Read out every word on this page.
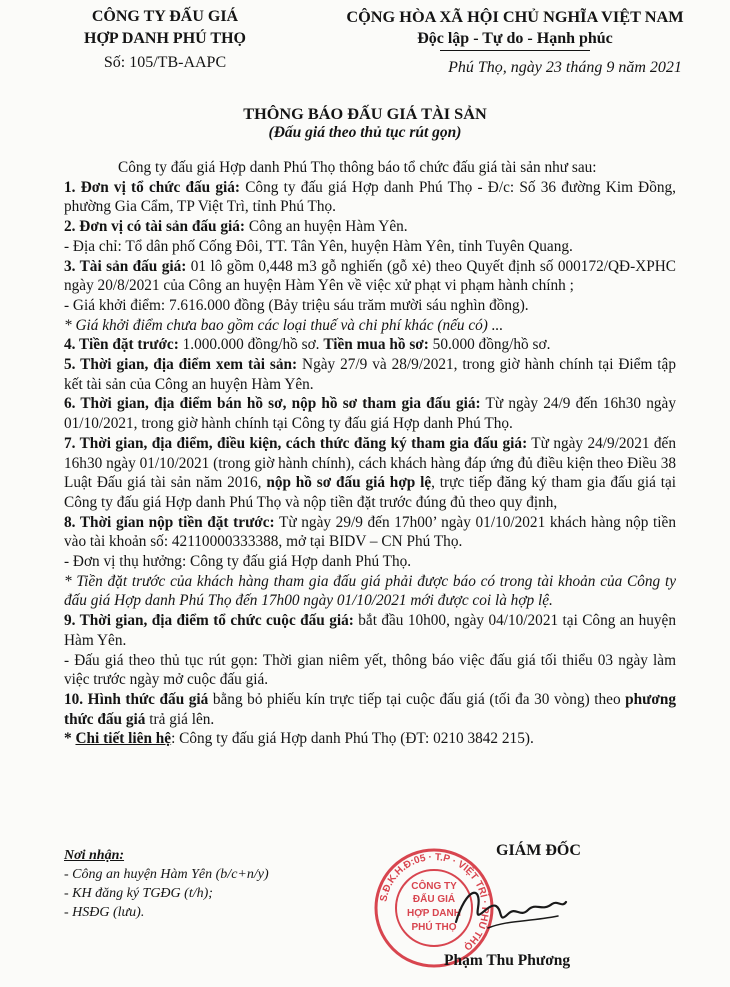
CÔNG TY ĐẤU GIÁ
HỢP DANH PHÚ THỌ
Số: 105/TB-AAPC
CỘNG HÒA XÃ HỘI CHỦ NGHĨA VIỆT NAM
Độc lập - Tự do - Hạnh phúc
Phú Thọ, ngày 23 tháng 9 năm 2021
THÔNG BÁO ĐẤU GIÁ TÀI SẢN
(Đấu giá theo thủ tục rút gọn)

Công ty đấu giá Hợp danh Phú Thọ thông báo tổ chức đấu giá tài sản như sau:

1. Đơn vị tổ chức đấu giá: Công ty đấu giá Hợp danh Phú Thọ - Đ/c: Số 36 đường Kim Đồng, phường Gia Cẩm, TP Việt Trì, tỉnh Phú Thọ.

2. Đơn vị có tài sản đấu giá: Công an huyện Hàm Yên.

- Địa chỉ: Tổ dân phố Cống Đôi, TT. Tân Yên, huyện Hàm Yên, tỉnh Tuyên Quang.

3. Tài sản đấu giá: 01 lô gồm 0,448 m3 gỗ nghiến (gỗ xẻ) theo Quyết định số 000172/QĐ-XPHC ngày 20/8/2021 của Công an huyện Hàm Yên về việc xử phạt vi phạm hành chính ;

- Giá khởi điểm: 7.616.000 đồng (Bảy triệu sáu trăm mười sáu nghìn đồng).

* Giá khởi điểm chưa bao gồm các loại thuế và chi phí khác (nếu có) ...

4. Tiền đặt trước: 1.000.000 đồng/hồ sơ. Tiền mua hồ sơ: 50.000 đồng/hồ sơ.

5. Thời gian, địa điểm xem tài sản: Ngày 27/9 và 28/9/2021, trong giờ hành chính tại Điểm tập kết tài sản của Công an huyện Hàm Yên.

6. Thời gian, địa điểm bán hồ sơ, nộp hồ sơ tham gia đấu giá: Từ ngày 24/9 đến 16h30 ngày 01/10/2021, trong giờ hành chính tại Công ty đấu giá Hợp danh Phú Thọ.

7. Thời gian, địa điểm, điều kiện, cách thức đăng ký tham gia đấu giá: Từ ngày 24/9/2021 đến 16h30 ngày 01/10/2021 (trong giờ hành chính), cách khách hàng đáp ứng đủ điều kiện theo Điều 38 Luật Đấu giá tài sản năm 2016, nộp hồ sơ đấu giá hợp lệ, trực tiếp đăng ký tham gia đấu giá tại Công ty đấu giá Hợp danh Phú Thọ và nộp tiền đặt trước đúng đủ theo quy định,

8. Thời gian nộp tiền đặt trước: Từ ngày 29/9 đến 17h00’ ngày 01/10/2021 khách hàng nộp tiền vào tài khoản số: 42110000333388, mở tại BIDV – CN Phú Thọ.

- Đơn vị thụ hưởng: Công ty đấu giá Hợp danh Phú Thọ.

* Tiền đặt trước của khách hàng tham gia đấu giá phải được báo có trong tài khoản của Công ty đấu giá Hợp danh Phú Thọ đến 17h00 ngày 01/10/2021 mới được coi là hợp lệ.

9. Thời gian, địa điểm tổ chức cuộc đấu giá: bắt đầu 10h00, ngày 04/10/2021 tại Công an huyện Hàm Yên.

- Đấu giá theo thủ tục rút gọn: Thời gian niêm yết, thông báo việc đấu giá tối thiểu 03 ngày làm việc trước ngày mở cuộc đấu giá.

10. Hình thức đấu giá bằng bỏ phiếu kín trực tiếp tại cuộc đấu giá (tối đa 30 vòng) theo phương thức đấu giá trả giá lên.

* Chi tiết liên hệ: Công ty đấu giá Hợp danh Phú Thọ (ĐT: 0210 3842 215).

Nơi nhận:
- Công an huyện Hàm Yên (b/c+n/y)
- KH đăng ký TGĐG (t/h);
- HSĐG (lưu).
S.Đ.K.H.Đ:05 · T.P · VIỆT TRÌ · PHÚ THỌ
CÔNG TY
ĐẤU GIÁ
HỢP DANH
PHÚ THỌ
GIÁM ĐỐC
Phạm Thu Phương
